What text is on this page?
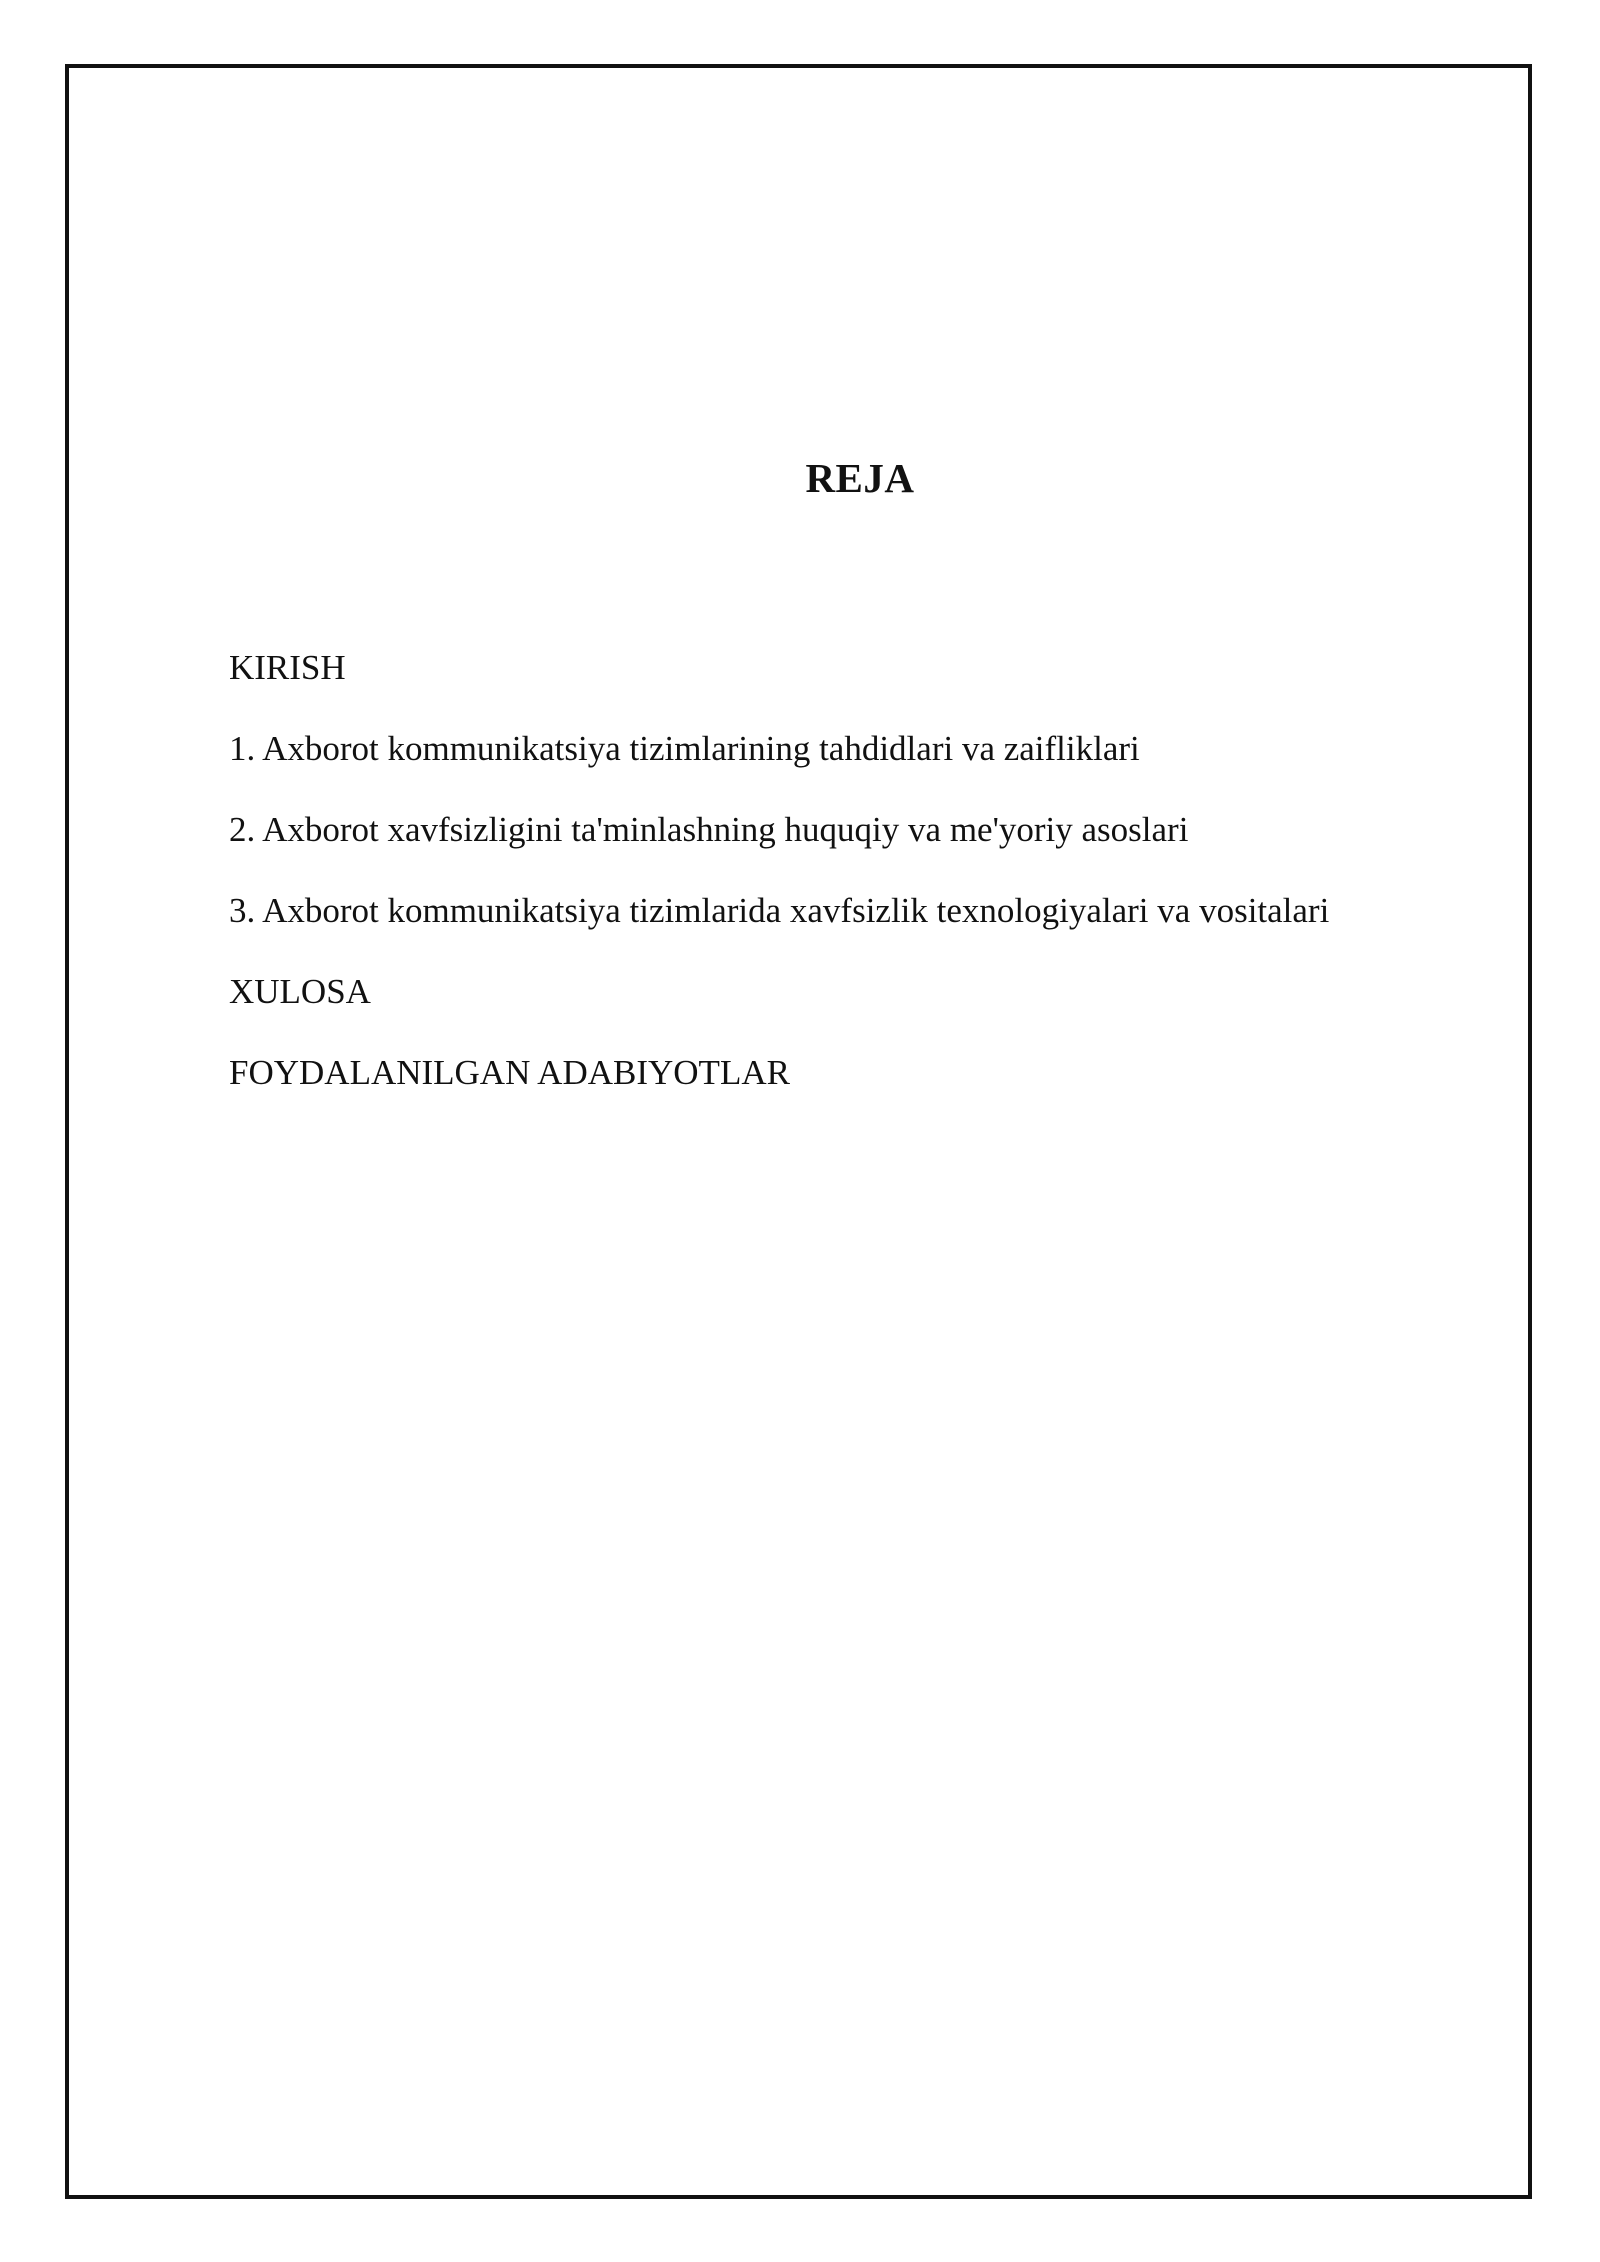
REJA
KIRISH
1. Axborot kommunikatsiya tizimlarining tahdidlari va zaifliklari
2. Axborot xavfsizligini ta'minlashning huquqiy va me'yoriy asoslari
3. Axborot kommunikatsiya tizimlarida xavfsizlik texnologiyalari va vositalari
XULOSA
FOYDALANILGAN ADABIYOTLAR
